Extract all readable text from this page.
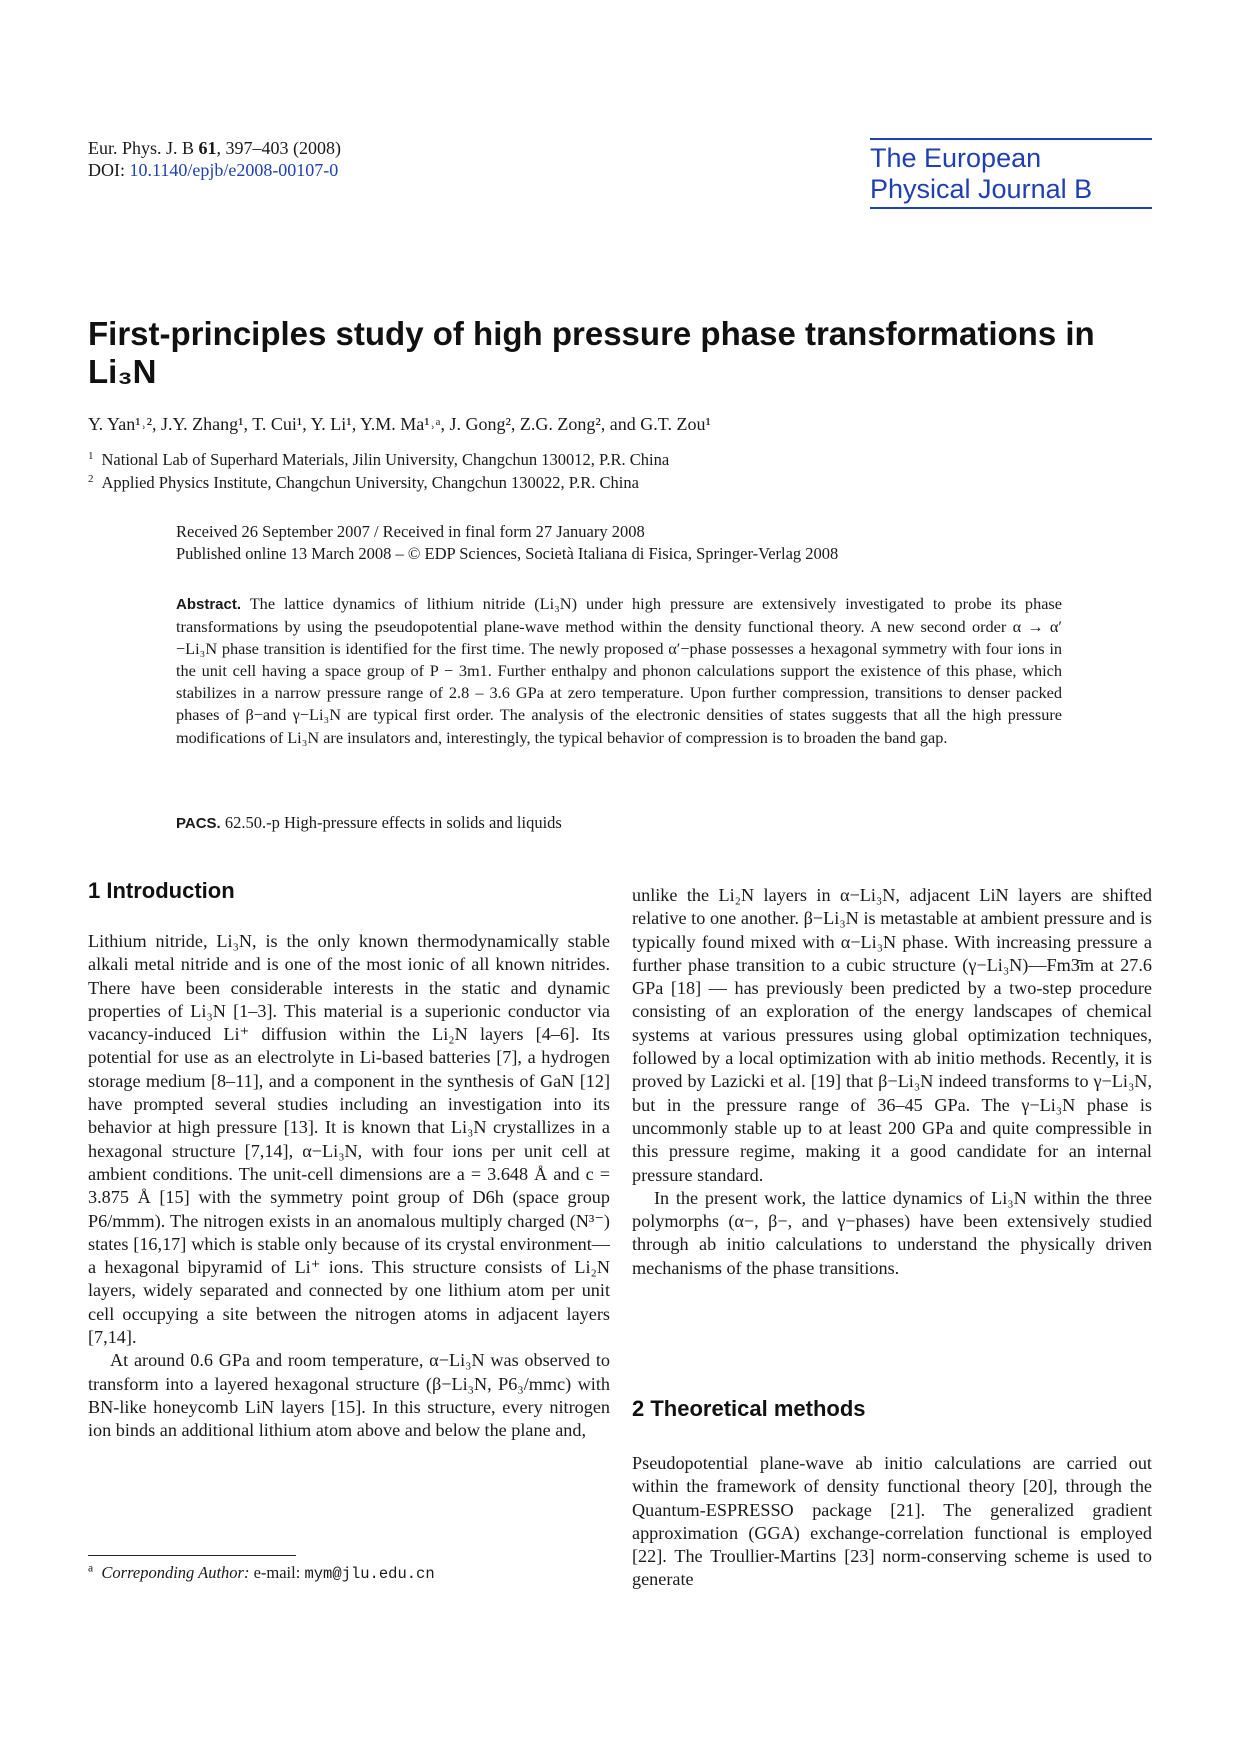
Eur. Phys. J. B 61, 397–403 (2008)
DOI: 10.1140/epjb/e2008-00107-0	The European
Physical Journal B
First-principles study of high pressure phase transformations in Li₃N
Y. Yan¹˒², J.Y. Zhang¹, T. Cui¹, Y. Li¹, Y.M. Ma¹˒ᵃ, J. Gong², Z.G. Zong², and G.T. Zou¹
$^1$ National Lab of Superhard Materials, Jilin University, Changchun 130012, P.R. China
$^2$ Applied Physics Institute, Changchun University, Changchun 130022, P.R. China
Received 26 September 2007 / Received in final form 27 January 2008
Published online 13 March 2008 – © EDP Sciences, Società Italiana di Fisica, Springer-Verlag 2008
Abstract. The lattice dynamics of lithium nitride (Li₃N) under high pressure are extensively investigated to probe its phase transformations by using the pseudopotential plane-wave method within the density functional theory. A new second order α → α′−Li₃N phase transition is identified for the first time. The newly proposed α′−phase possesses a hexagonal symmetry with four ions in the unit cell having a space group of P − 3m1. Further enthalpy and phonon calculations support the existence of this phase, which stabilizes in a narrow pressure range of 2.8 – 3.6 GPa at zero temperature. Upon further compression, transitions to denser packed phases of β−and γ−Li₃N are typical first order. The analysis of the electronic densities of states suggests that all the high pressure modifications of Li₃N are insulators and, interestingly, the typical behavior of compression is to broaden the band gap.
PACS. 62.50.-p High-pressure effects in solids and liquids
1 Introduction

Lithium nitride, Li₃N, is the only known thermodynamically stable alkali metal nitride and is one of the most ionic of all known nitrides. There have been considerable interests in the static and dynamic properties of Li₃N [1–3]. This material is a superionic conductor via vacancy-induced Li⁺ diffusion within the Li₂N layers [4–6]. Its potential for use as an electrolyte in Li-based batteries [7], a hydrogen storage medium [8–11], and a component in the synthesis of GaN [12] have prompted several studies including an investigation into its behavior at high pressure [13]. It is known that Li₃N crystallizes in a hexagonal structure [7,14], α−Li₃N, with four ions per unit cell at ambient conditions. The unit-cell dimensions are a = 3.648 Å and c = 3.875 Å [15] with the symmetry point group of D6h (space group P6/mmm). The nitrogen exists in an anomalous multiply charged (N³⁻) states [16,17] which is stable only because of its crystal environment—a hexagonal bipyramid of Li⁺ ions. This structure consists of Li₂N layers, widely separated and connected by one lithium atom per unit cell occupying a site between the nitrogen atoms in adjacent layers [7,14].

At around 0.6 GPa and room temperature, α−Li₃N was observed to transform into a layered hexagonal structure (β−Li₃N, P6₃/mmc) with BN-like honeycomb LiN layers [15]. In this structure, every nitrogen ion binds an additional lithium atom above and below the plane and,

unlike the Li₂N layers in α−Li₃N, adjacent LiN layers are shifted relative to one another. β−Li₃N is metastable at ambient pressure and is typically found mixed with α−Li₃N phase. With increasing pressure a further phase transition to a cubic structure (γ−Li₃N)—Fm3̄m at 27.6 GPa [18] — has previously been predicted by a two-step procedure consisting of an exploration of the energy landscapes of chemical systems at various pressures using global optimization techniques, followed by a local optimization with ab initio methods. Recently, it is proved by Lazicki et al. [19] that β−Li₃N indeed transforms to γ−Li₃N, but in the pressure range of 36–45 GPa. The γ−Li₃N phase is uncommonly stable up to at least 200 GPa and quite compressible in this pressure regime, making it a good candidate for an internal pressure standard.

In the present work, the lattice dynamics of Li₃N within the three polymorphs (α−, β−, and γ−phases) have been extensively studied through ab initio calculations to understand the physically driven mechanisms of the phase transitions.

2 Theoretical methods

Pseudopotential plane-wave ab initio calculations are carried out within the framework of density functional theory [20], through the Quantum-ESPRESSO package [21]. The generalized gradient approximation (GGA) exchange-correlation functional is employed [22]. The Troullier-Martins [23] norm-conserving scheme is used to generate

$^a$ Correponding Author: e-mail: mym@jlu.edu.cn
